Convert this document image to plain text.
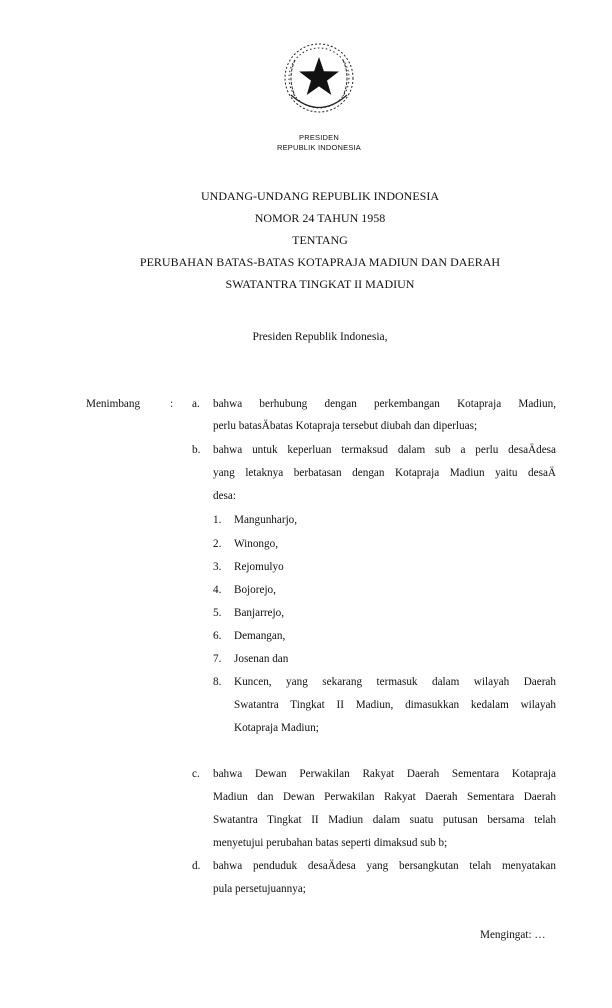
PRESIDEN
REPUBLIK INDONESIA
UNDANG-UNDANG REPUBLIK INDONESIA
NOMOR 24 TAHUN 1958
TENTANG
PERUBAHAN BATAS-BATAS KOTAPRAJA MADIUN DAN DAERAH
SWATANTRA TINGKAT II MADIUN
Presiden Republik Indonesia,
Menimbang	: a. bahwa berhubung dengan perkembangan Kotapraja Madiun,
perlu batasÄbatas Kotapraja tersebut diubah dan diperluas;
b. bahwa untuk keperluan termaksud dalam sub a perlu desaÄdesa
yang letaknya berbatasan dengan Kotapraja Madiun yaitu desaÄ
desa:
1. Mangunharjo,
2. Winongo,
3. Rejomulyo
4. Bojorejo,
5. Banjarrejo,
6. Demangan,
7. Josenan dan
8. Kuncen, yang sekarang termasuk dalam wilayah Daerah
Swatantra Tingkat II Madiun, dimasukkan kedalam wilayah
Kotapraja Madiun;
c. bahwa Dewan Perwakilan Rakyat Daerah Sementara Kotapraja
Madiun dan Dewan Perwakilan Rakyat Daerah Sementara Daerah
Swatantra Tingkat II Madiun dalam suatu putusan bersama telah
menyetujui perubahan batas seperti dimaksud sub b;
d. bahwa penduduk desaÄdesa yang bersangkutan telah menyatakan
pula persetujuannya;
Mengingat: …
